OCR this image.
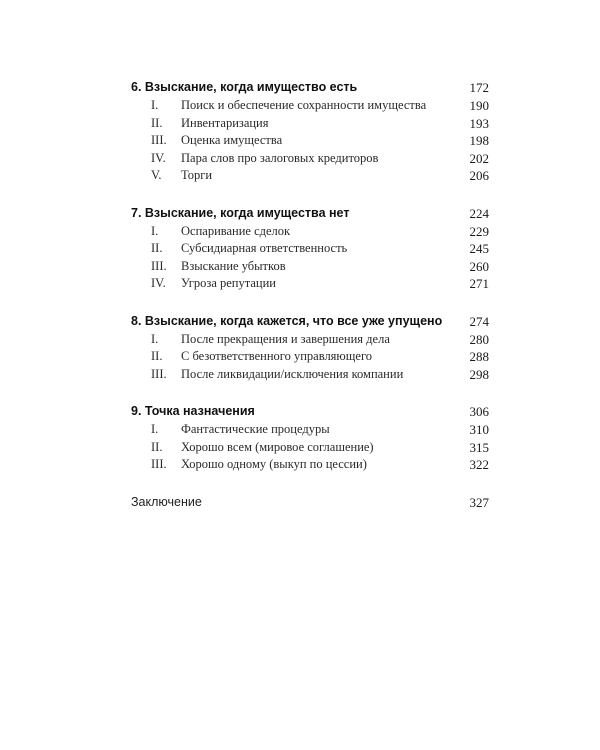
6. Взыскание, когда имущество есть	172
I. Поиск и обеспечение сохранности имущества	190
II. Инвентаризация	193
III. Оценка имущества	198
IV. Пара слов про залоговых кредиторов	202
V. Торги	206
7. Взыскание, когда имущества нет	224
I. Оспаривание сделок	229
II. Субсидиарная ответственность	245
III. Взыскание убытков	260
IV. Угроза репутации	271
8. Взыскание, когда кажется, что все уже упущено 274
I. После прекращения и завершения дела	280
II. С безответственного управляющего	288
III. После ликвидации/исключения компании	298
9. Точка назначения	306
I. Фантастические процедуры	310
II. Хорошо всем (мировое соглашение)	315
III. Хорошо одному (выкуп по цессии)	322
Заключение	327
